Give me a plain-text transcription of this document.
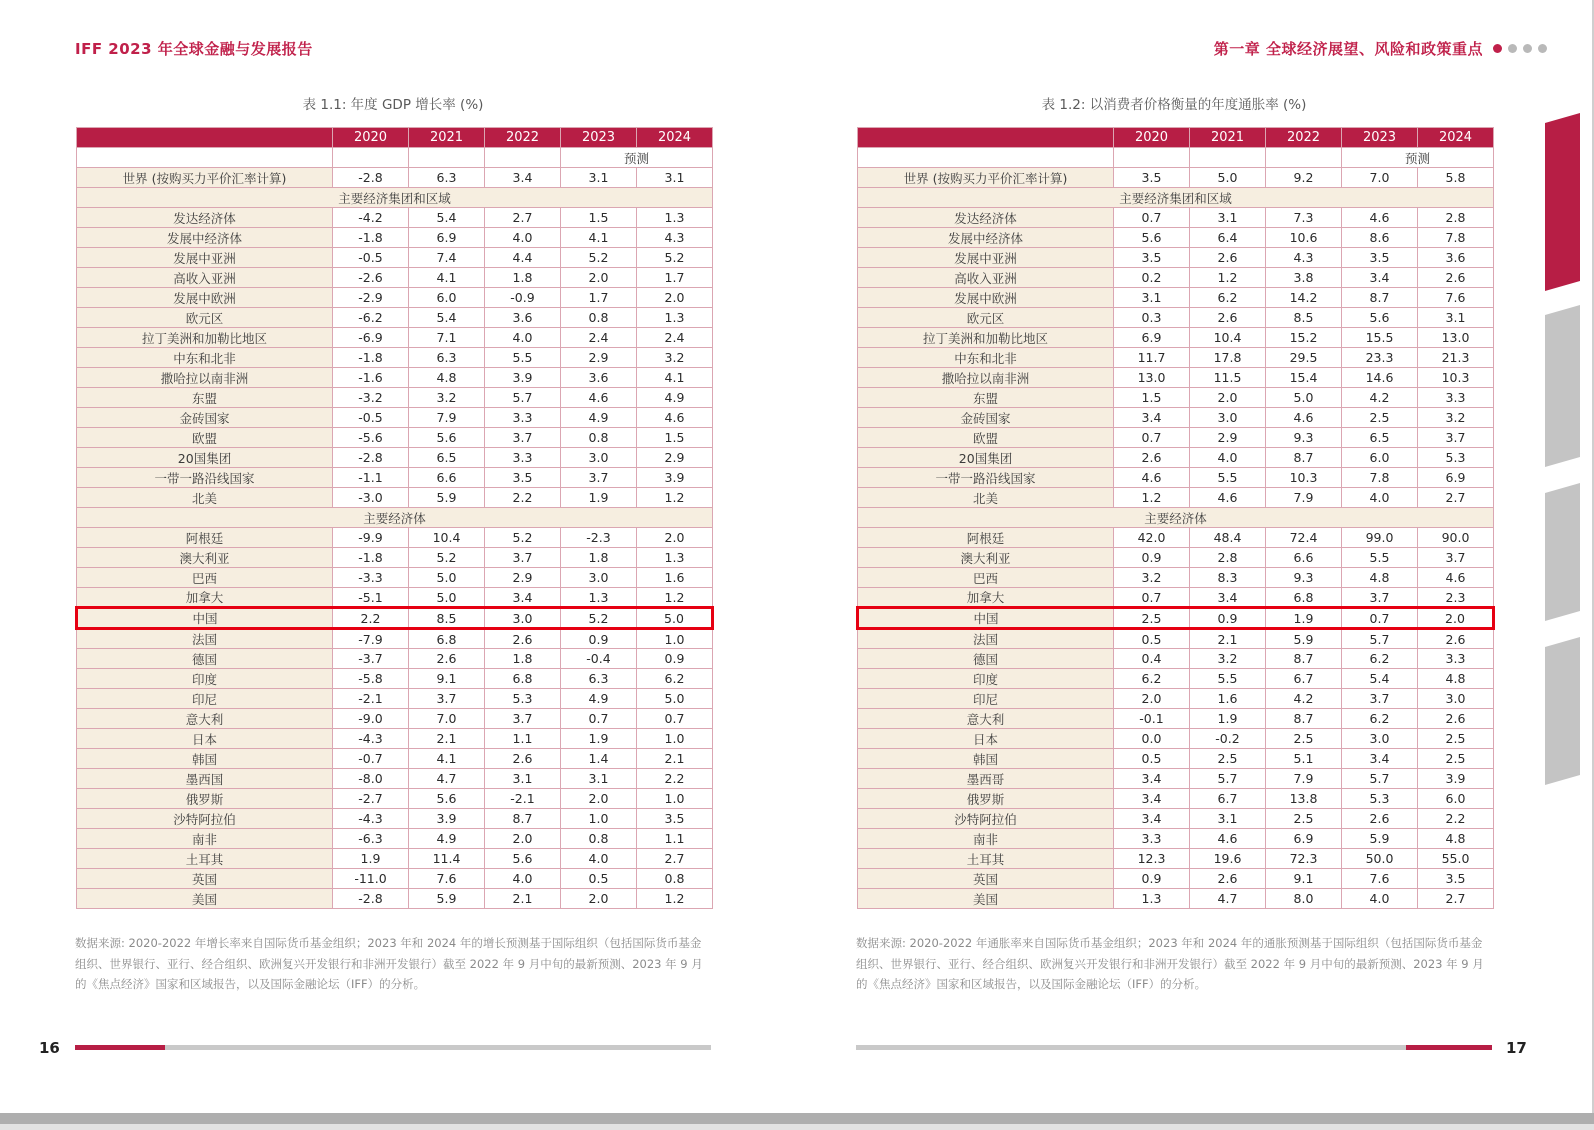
IFF 2023 年全球金融与发展报告	第一章 全球经济展望、风险和政策重点
表 1.1: 年度 GDP 增长率 (%)
	2020	2021	2022	2023	2024
				预测	
世界 (按购买力平价汇率计算)	-2.8	6.3	3.4	3.1	3.1
主要经济集团和区域					
发达经济体	-4.2	5.4	2.7	1.5	1.3
发展中经济体	-1.8	6.9	4.0	4.1	4.3
发展中亚洲	-0.5	7.4	4.4	5.2	5.2
高收入亚洲	-2.6	4.1	1.8	2.0	1.7
发展中欧洲	-2.9	6.0	-0.9	1.7	2.0
欧元区	-6.2	5.4	3.6	0.8	1.3
拉丁美洲和加勒比地区	-6.9	7.1	4.0	2.4	2.4
中东和北非	-1.8	6.3	5.5	2.9	3.2
撒哈拉以南非洲	-1.6	4.8	3.9	3.6	4.1
东盟	-3.2	3.2	5.7	4.6	4.9
金砖国家	-0.5	7.9	3.3	4.9	4.6
欧盟	-5.6	5.6	3.7	0.8	1.5
20国集团	-2.8	6.5	3.3	3.0	2.9
一带一路沿线国家	-1.1	6.6	3.5	3.7	3.9
北美	-3.0	5.9	2.2	1.9	1.2
主要经济体					
阿根廷	-9.9	10.4	5.2	-2.3	2.0
澳大利亚	-1.8	5.2	3.7	1.8	1.3
巴西	-3.3	5.0	2.9	3.0	1.6
加拿大	-5.1	5.0	3.4	1.3	1.2
中国	2.2	8.5	3.0	5.2	5.0
法国	-7.9	6.8	2.6	0.9	1.0
德国	-3.7	2.6	1.8	-0.4	0.9
印度	-5.8	9.1	6.8	6.3	6.2
印尼	-2.1	3.7	5.3	4.9	5.0
意大利	-9.0	7.0	3.7	0.7	0.7
日本	-4.3	2.1	1.1	1.9	1.0
韩国	-0.7	4.1	2.6	1.4	2.1
墨西国	-8.0	4.7	3.1	3.1	2.2
俄罗斯	-2.7	5.6	-2.1	2.0	1.0
沙特阿拉伯	-4.3	3.9	8.7	1.0	3.5
南非	-6.3	4.9	2.0	0.8	1.1
土耳其	1.9	11.4	5.6	4.0	2.7
英国	-11.0	7.6	4.0	0.5	0.8
美国	-2.8	5.9	2.1	2.0	1.2

数据来源: 2020-2022 年增长率来自国际货币基金组织；2023 年和 2024 年的增长预测基于国际组织（包括国际货币基金组织、世界银行、亚行、经合组织、欧洲复兴开发银行和非洲开发银行）截至 2022 年 9 月中旬的最新预测、2023 年 9 月的《焦点经济》国家和区域报告，以及国际金融论坛（IFF）的分析。

表 1.2: 以消费者价格衡量的年度通胀率 (%)
	2020	2021	2022	2023	2024
				预测	
世界 (按购买力平价汇率计算)	3.5	5.0	9.2	7.0	5.8
主要经济集团和区域					
发达经济体	0.7	3.1	7.3	4.6	2.8
发展中经济体	5.6	6.4	10.6	8.6	7.8
发展中亚洲	3.5	2.6	4.3	3.5	3.6
高收入亚洲	0.2	1.2	3.8	3.4	2.6
发展中欧洲	3.1	6.2	14.2	8.7	7.6
欧元区	0.3	2.6	8.5	5.6	3.1
拉丁美洲和加勒比地区	6.9	10.4	15.2	15.5	13.0
中东和北非	11.7	17.8	29.5	23.3	21.3
撒哈拉以南非洲	13.0	11.5	15.4	14.6	10.3
东盟	1.5	2.0	5.0	4.2	3.3
金砖国家	3.4	3.0	4.6	2.5	3.2
欧盟	0.7	2.9	9.3	6.5	3.7
20国集团	2.6	4.0	8.7	6.0	5.3
一带一路沿线国家	4.6	5.5	10.3	7.8	6.9
北美	1.2	4.6	7.9	4.0	2.7
主要经济体					
阿根廷	42.0	48.4	72.4	99.0	90.0
澳大利亚	0.9	2.8	6.6	5.5	3.7
巴西	3.2	8.3	9.3	4.8	4.6
加拿大	0.7	3.4	6.8	3.7	2.3
中国	2.5	0.9	1.9	0.7	2.0
法国	0.5	2.1	5.9	5.7	2.6
德国	0.4	3.2	8.7	6.2	3.3
印度	6.2	5.5	6.7	5.4	4.8
印尼	2.0	1.6	4.2	3.7	3.0
意大利	-0.1	1.9	8.7	6.2	2.6
日本	0.0	-0.2	2.5	3.0	2.5
韩国	0.5	2.5	5.1	3.4	2.5
墨西哥	3.4	5.7	7.9	5.7	3.9
俄罗斯	3.4	6.7	13.8	5.3	6.0
沙特阿拉伯	3.4	3.1	2.5	2.6	2.2
南非	3.3	4.6	6.9	5.9	4.8
土耳其	12.3	19.6	72.3	50.0	55.0
英国	0.9	2.6	9.1	7.6	3.5
美国	1.3	4.7	8.0	4.0	2.7

数据来源: 2020-2022 年通胀率来自国际货币基金组织；2023 年和 2024 年的通胀预测基于国际组织（包括国际货币基金组织、世界银行、亚行、经合组织、欧洲复兴开发银行和非洲开发银行）截至 2022 年 9 月中旬的最新预测、2023 年 9 月的《焦点经济》国家和区域报告，以及国际金融论坛（IFF）的分析。

16	17
